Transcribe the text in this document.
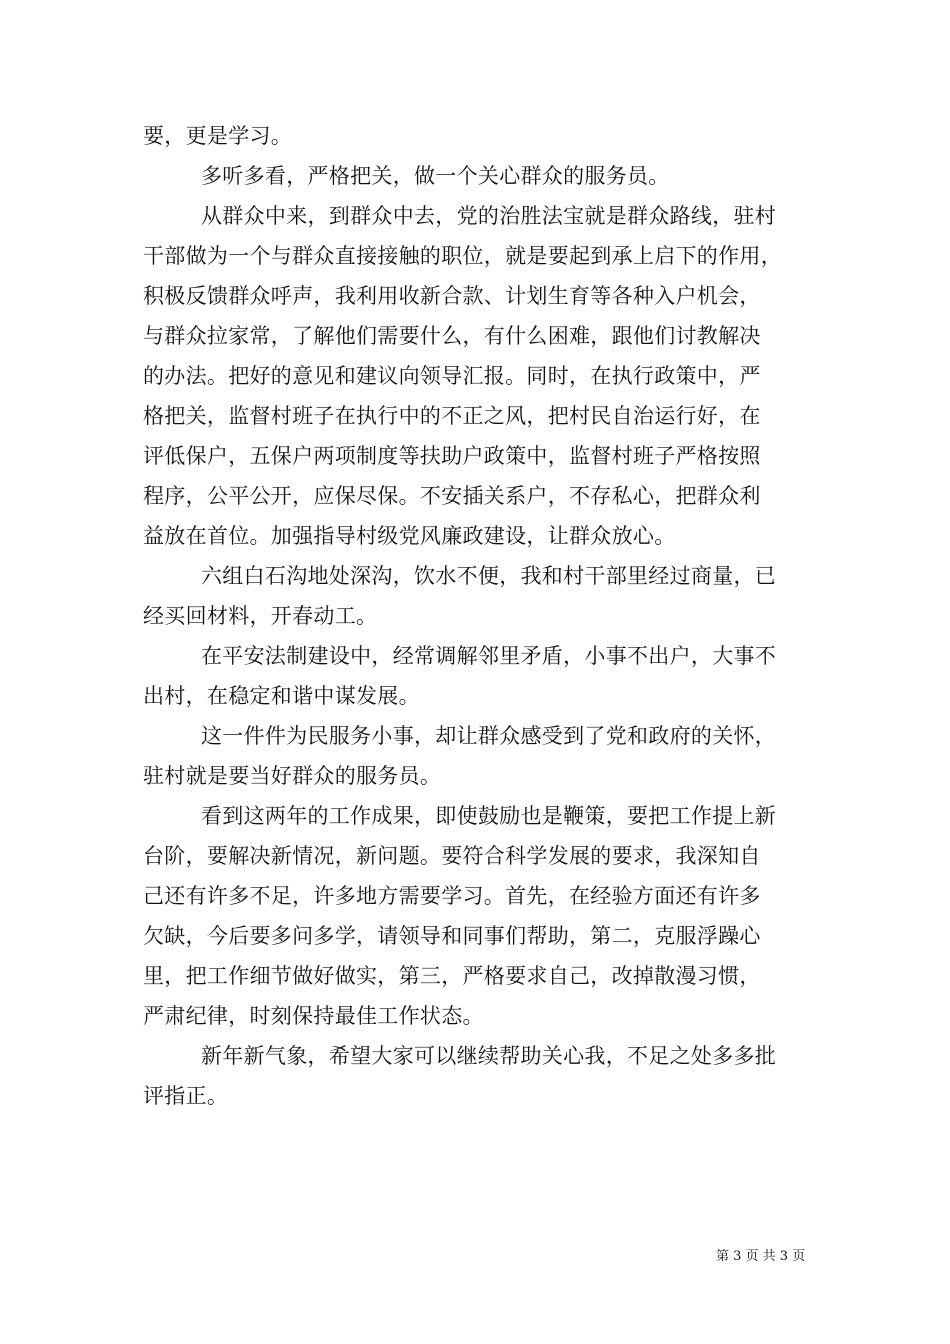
要，更是学习。
多听多看，严格把关，做一个关心群众的服务员。
从群众中来，到群众中去，党的治胜法宝就是群众路线，驻村
干部做为一个与群众直接接触的职位，就是要起到承上启下的作用，
积极反馈群众呼声，我利用收新合款、计划生育等各种入户机会，
与群众拉家常，了解他们需要什么，有什么困难，跟他们讨教解决
的办法。把好的意见和建议向领导汇报。同时，在执行政策中，严
格把关，监督村班子在执行中的不正之风，把村民自治运行好，在
评低保户，五保户两项制度等扶助户政策中，监督村班子严格按照
程序，公平公开，应保尽保。不安插关系户，不存私心，把群众利
益放在首位。加强指导村级党风廉政建设，让群众放心。
六组白石沟地处深沟，饮水不便，我和村干部里经过商量，已
经买回材料，开春动工。
在平安法制建设中，经常调解邻里矛盾，小事不出户，大事不
出村，在稳定和谐中谋发展。
这一件件为民服务小事，却让群众感受到了党和政府的关怀，
驻村就是要当好群众的服务员。
看到这两年的工作成果，即使鼓励也是鞭策，要把工作提上新
台阶，要解决新情况，新问题。要符合科学发展的要求，我深知自
己还有许多不足，许多地方需要学习。首先，在经验方面还有许多
欠缺，今后要多问多学，请领导和同事们帮助，第二，克服浮躁心
里，把工作细节做好做实，第三，严格要求自己，改掉散漫习惯，
严肃纪律，时刻保持最佳工作状态。
新年新气象，希望大家可以继续帮助关心我，不足之处多多批
评指正。
第 3 页 共 3 页
